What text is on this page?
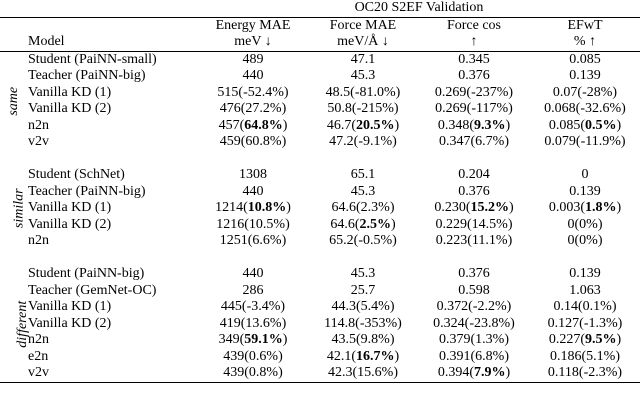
		OC20 S2EF Validation			
		Energy MAE	Force MAE	Force cos	EFwT
	Model	meV ↓	meV/Å ↓	↑	% ↑
same	Student (PaiNN-small)	489	47.1	0.345	0.085
	Teacher (PaiNN-big)	440	45.3	0.376	0.139
	Vanilla KD (1)	515(-52.4%)	48.5(-81.0%)	0.269(-237%)	0.07(-28%)
	Vanilla KD (2)	476(27.2%)	50.8(-215%)	0.269(-117%)	0.068(-32.6%)
	n2n	457(64.8%)	46.7(20.5%)	0.348(9.3%)	0.085(0.5%)
	v2v	459(60.8%)	47.2(-9.1%)	0.347(6.7%)	0.079(-11.9%)

similar	Student (SchNet)	1308	65.1	0.204	0
	Teacher (PaiNN-big)	440	45.3	0.376	0.139
	Vanilla KD (1)	1214(10.8%)	64.6(2.3%)	0.230(15.2%)	0.003(1.8%)
	Vanilla KD (2)	1216(10.5%)	64.6(2.5%)	0.229(14.5%)	0(0%)
	n2n	1251(6.6%)	65.2(-0.5%)	0.223(11.1%)	0(0%)

different	Student (PaiNN-big)	440	45.3	0.376	0.139
	Teacher (GemNet-OC)	286	25.7	0.598	1.063
	Vanilla KD (1)	445(-3.4%)	44.3(5.4%)	0.372(-2.2%)	0.14(0.1%)
	Vanilla KD (2)	419(13.6%)	114.8(-353%)	0.324(-23.8%)	0.127(-1.3%)
	n2n	349(59.1%)	43.5(9.8%)	0.379(1.3%)	0.227(9.5%)
	e2n	439(0.6%)	42.1(16.7%)	0.391(6.8%)	0.186(5.1%)
	v2v	439(0.8%)	42.3(15.6%)	0.394(7.9%)	0.118(-2.3%)
